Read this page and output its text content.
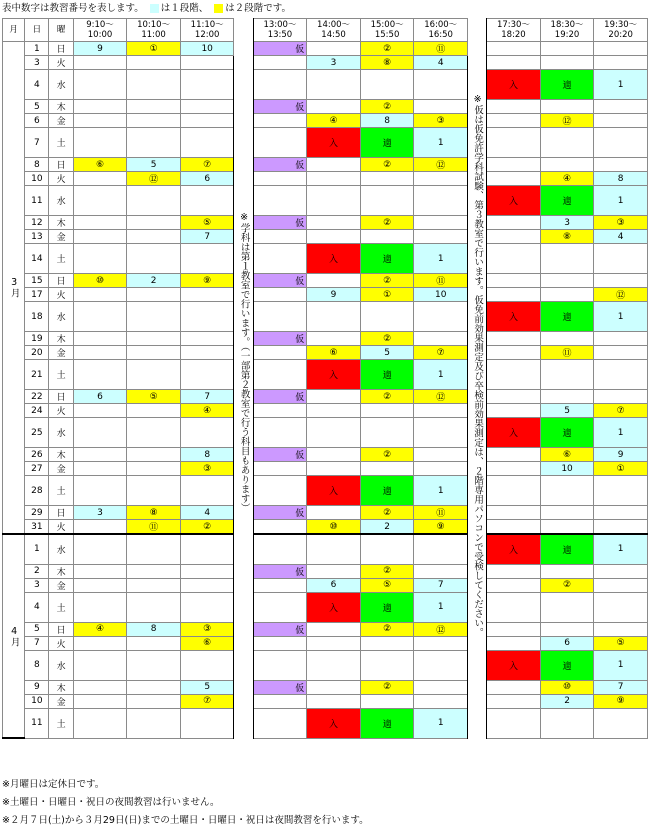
表中数字は教習番号を表します。 は１段階、 は２段階です。
月	日	曜	9:10～ 10:00	10:10～ 11:00	11:10～ 12:00		13:00～ 13:50	14:00～ 14:50	15:00～ 15:50	16:00～ 16:50		17:30～ 18:20	18:30～ 19:20	19:30～ 20:20

3月	1	日	9	①	10	※学科は第１教室で行います。（一部第２教室で行う科目もあります）	仮		②	⑪	※仮は仮免許学科試験、第３教室で行います。仮免前効果測定及び卒検前効果測定は、２階専用パソコンで受検してください。			

	3	火						3	⑧	4				
	4	水										入	適	1
	5	木					仮		②					
	6	金						④	8	③			⑫	
	7	土						入	適	1				
	8	日	⑥	5	⑦		仮		②	⑫				
	10	火		⑫	6								④	8
	11	水										入	適	1
	12	木			⑤		仮		②				3	③
	13	金			7								⑧	4
	14	土						入	適	1				
	15	日	⑩	2	⑨		仮		②	⑪				
	17	火						9	①	10				⑫
	18	水										入	適	1
	19	木					仮		②					
	20	金						⑥	5	⑦			⑪	
	21	土						入	適	1				
	22	日	6	⑤	7		仮		②	⑫				
	24	火			④								5	⑦
	25	水										入	適	1
	26	木			8		仮		②				⑥	9
	27	金			③								10	①
	28	土						入	適	1				
	29	日	3	⑧	4		仮		②	⑪				
	31	火		⑪	②			⑩	2	⑨				

4月	1	水										入	適	1
	2	木					仮		②					
	3	金						6	⑤	7			②	
	4	土						入	適	1				
	5	日	④	8	③		仮		②	⑫				
	7	火			⑥								6	⑤
	8	水										入	適	1
	9	木			5		仮		②				⑩	7
	10	金			⑦								2	⑨
	11	土						入	適	1				
※月曜日は定休日です。
※土曜日・日曜日・祝日の夜間教習は行いません。
※２月７日(土)から３月29日(日)までの土曜日・日曜日・祝日は夜間教習を行います。
